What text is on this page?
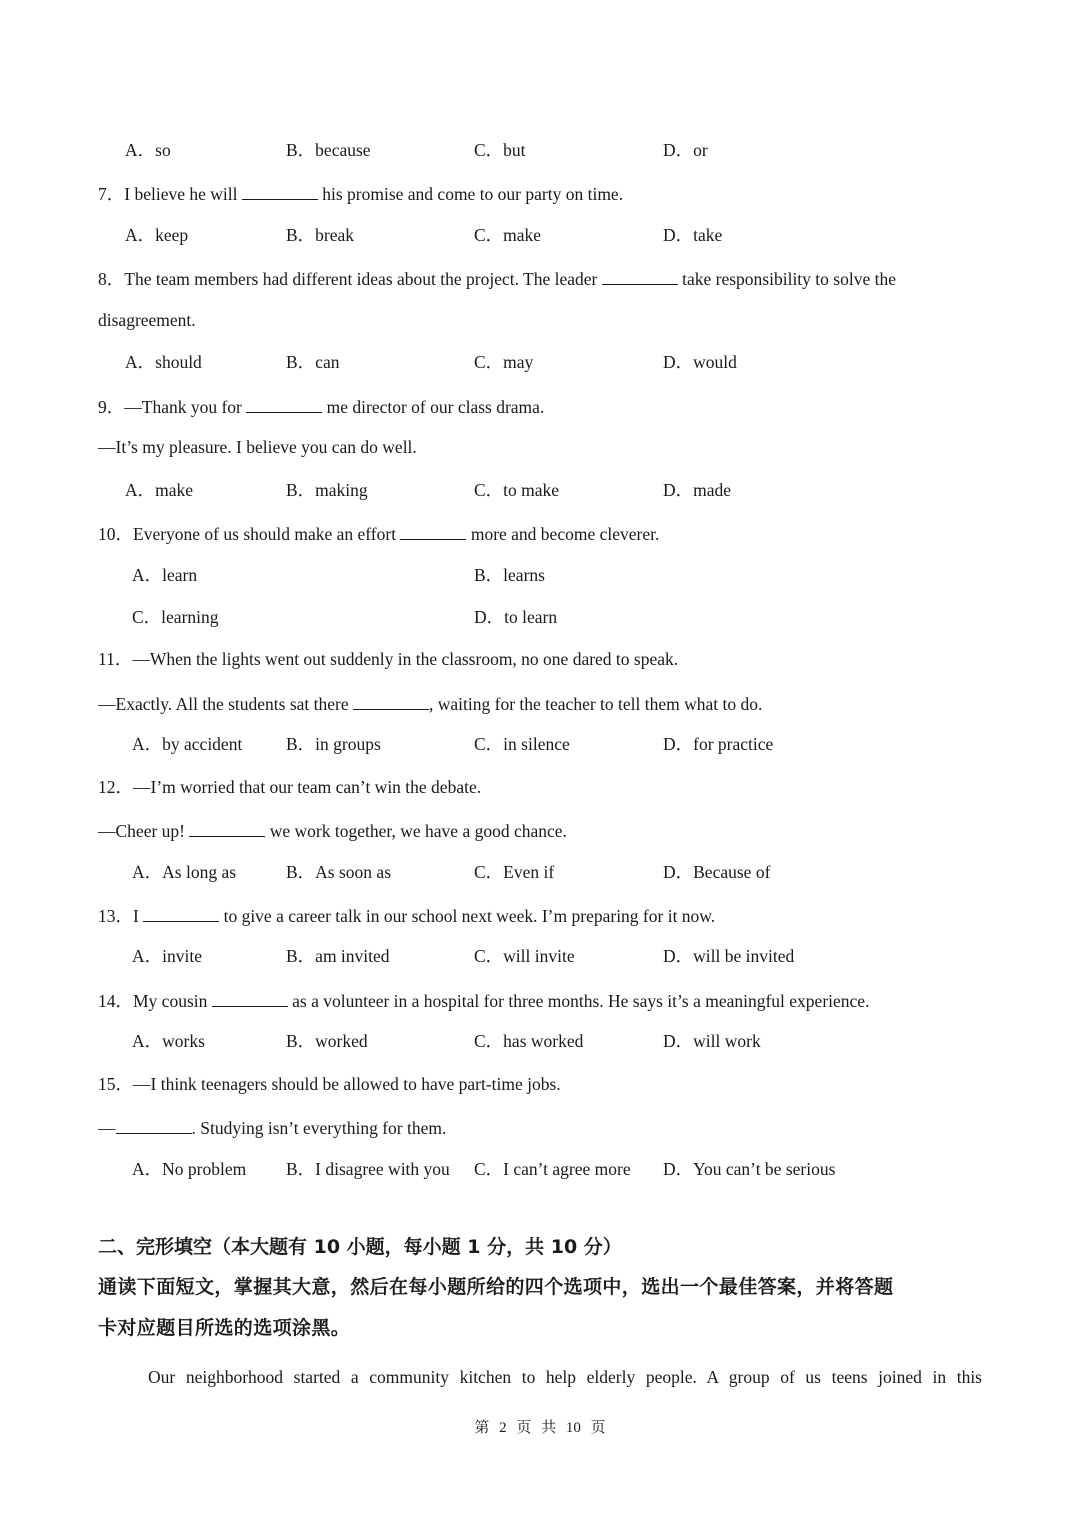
A．so	B．because	C．but	D．or
7．I believe he will	his promise and come to our party on time.
A．keep	B．break	C．make	D．take
8．The team members had different ideas about the project. The leader	take responsibility to solve the
disagreement.
A．should	B．can	C．may	D．would
9．—Thank you for	me director of our class drama.
—It’s my pleasure. I believe you can do well.
A．make	B．making	C．to make	D．made
10．Everyone of us should make an effort	more and become cleverer.
A．learn	B．learns
C．learning	D．to learn
11．—When the lights went out suddenly in the classroom, no one dared to speak.
—Exactly. All the students sat there	, waiting for the teacher to tell them what to do.
A．by accident B．in groups	C．in silence	D．for practice
12．—I’m worried that our team can’t win the debate.
—Cheer up!	we work together, we have a good chance.
A．As long as	B．As soon as	C．Even if	D．Because of
13．I	to give a career talk in our school next week. I’m preparing for it now.
A．invite	B．am invited	C．will invite	D．will be invited
14．My cousin	as a volunteer in a hospital for three months. He says it’s a meaningful experience.
A．works	B．worked	C．has worked	D．will work
15．—I think teenagers should be allowed to have part-time jobs.
—	. Studying isn’t everything for them.
A．No problem B．I disagree with you C．I can’t agree more D．You can’t be serious
二、完形填空（本大题有 10 小题，每小题 1 分，共 10 分）
通读下面短文，掌握其大意，然后在每小题所给的四个选项中，选出一个最佳答案，并将答题
卡对应题目所选的选项涂黑。
Our neighborhood started a community kitchen to help elderly people. A group of us teens joined in this
第 2 页 共 10 页
